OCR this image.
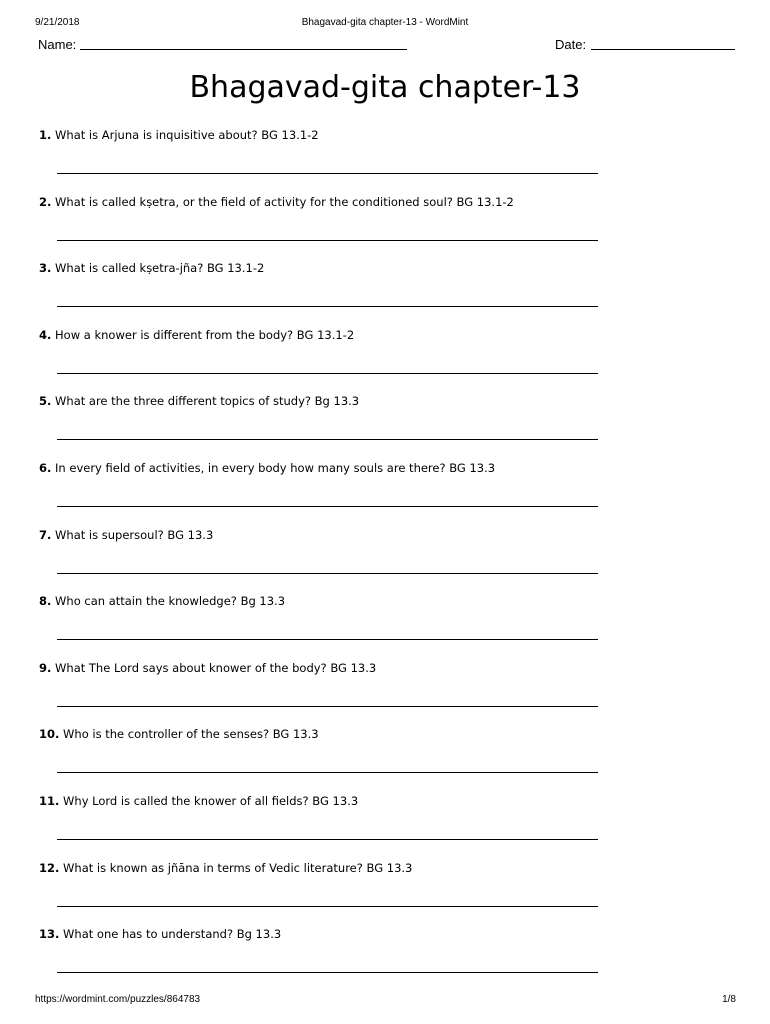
9/21/2018	Bhagavad-gita chapter-13 - WordMint
Name:	Date:
Bhagavad-gita chapter-13
1. What is Arjuna is inquisitive about? BG 13.1-2
2. What is called kṣetra, or the field of activity for the conditioned soul? BG 13.1-2
3. What is called kṣetra-jña? BG 13.1-2
4. How a knower is different from the body? BG 13.1-2
5. What are the three different topics of study? Bg 13.3
6. In every field of activities, in every body how many souls are there? BG 13.3
7. What is supersoul? BG 13.3
8. Who can attain the knowledge? Bg 13.3
9. What The Lord says about knower of the body? BG 13.3
10. Who is the controller of the senses? BG 13.3
11. Why Lord is called the knower of all fields? BG 13.3
12. What is known as jñāna in terms of Vedic literature? BG 13.3
13. What one has to understand? Bg 13.3
https://wordmint.com/puzzles/864783	1/8
